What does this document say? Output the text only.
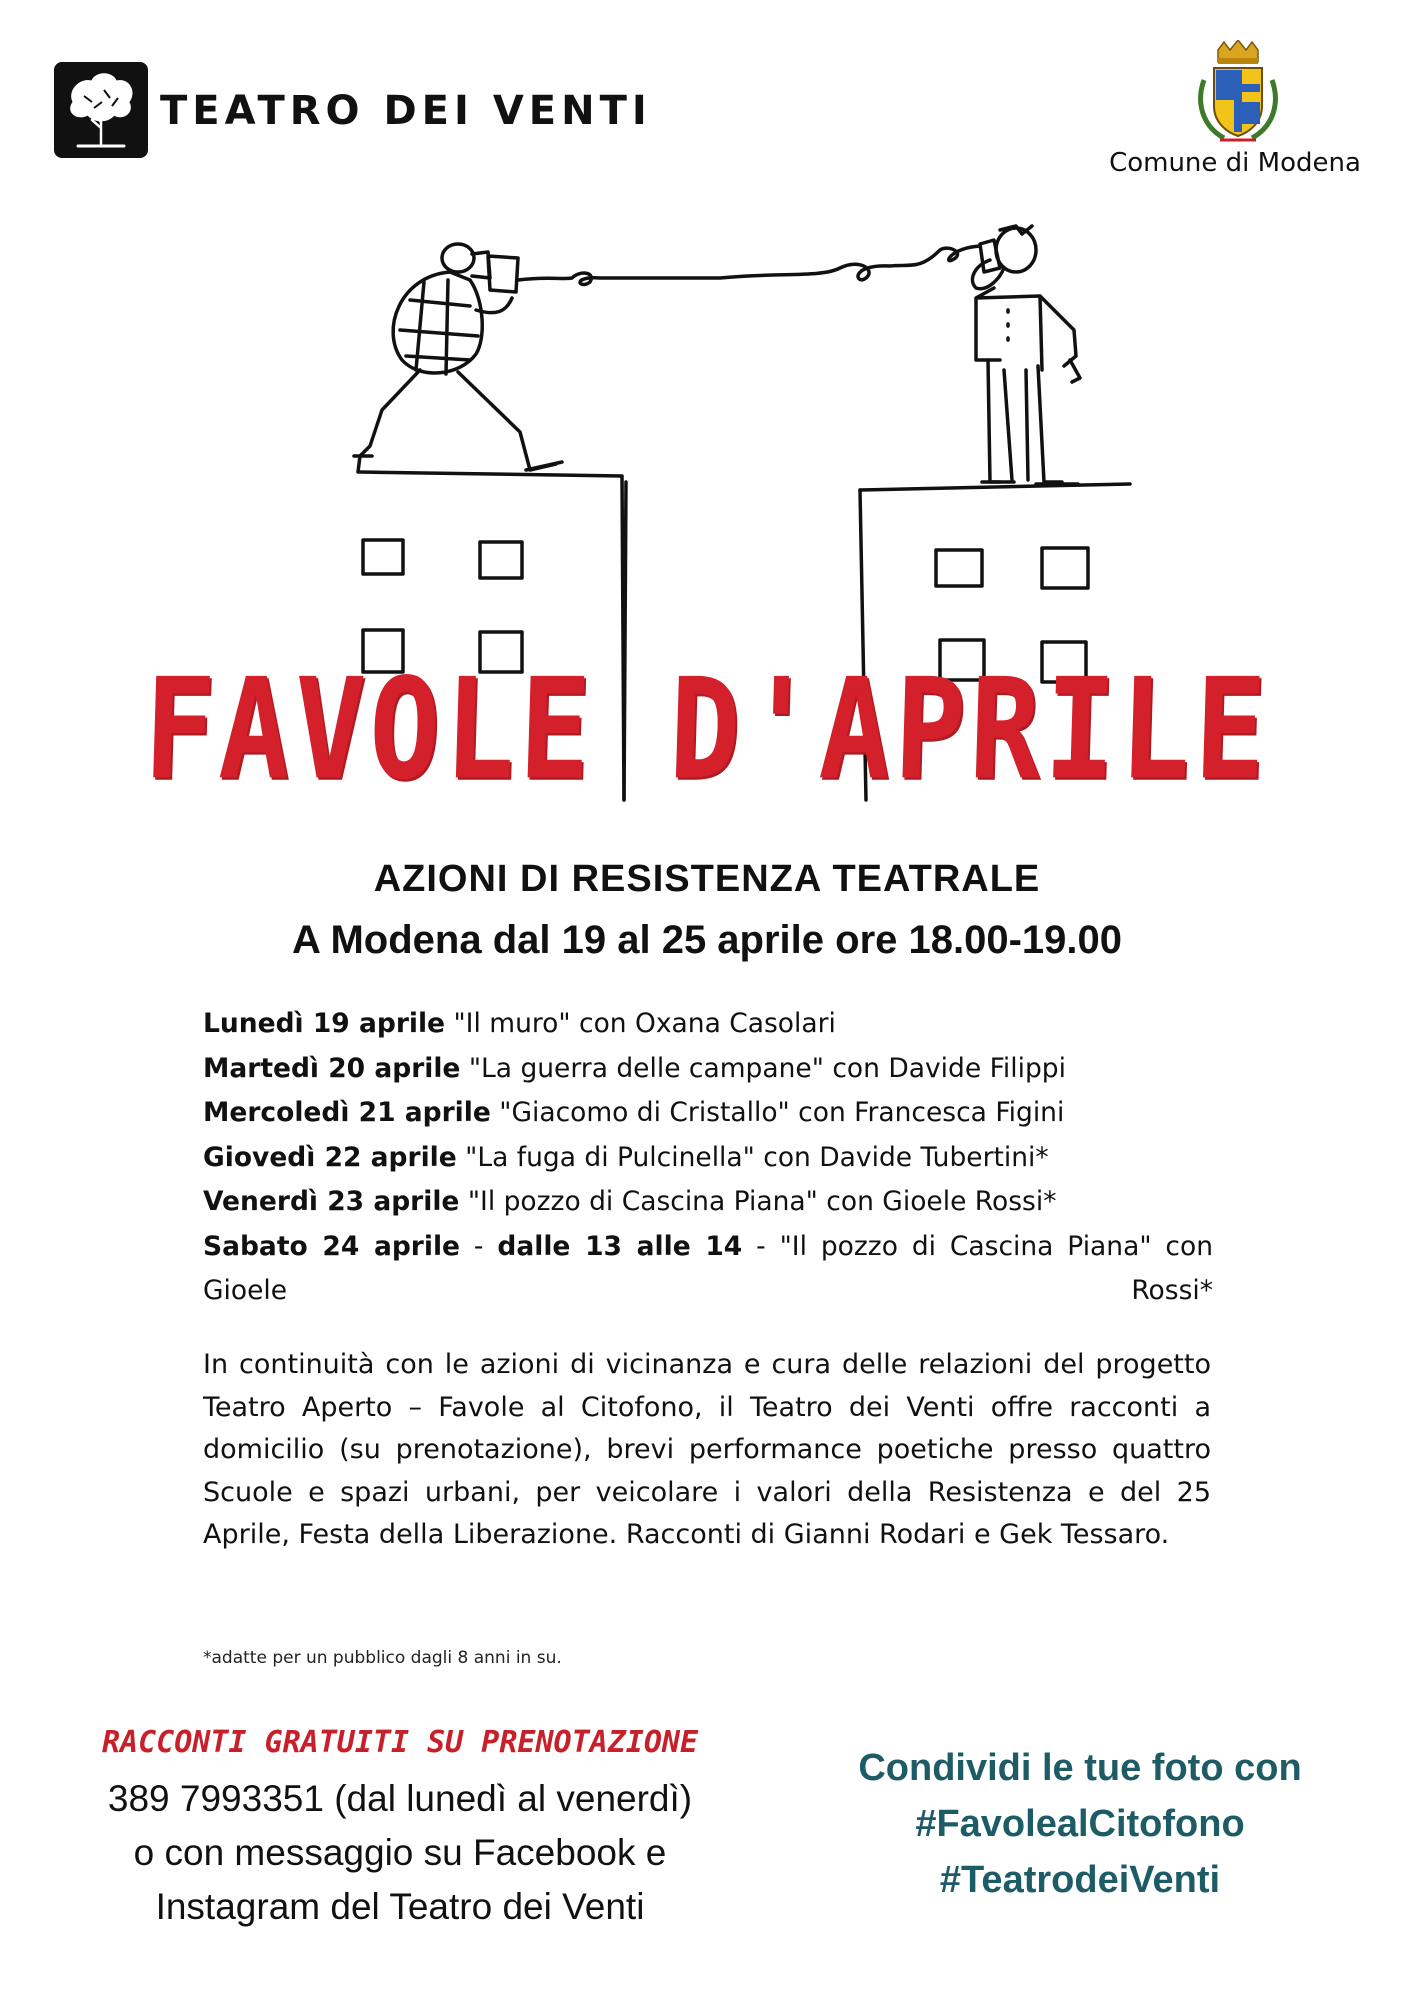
TEATRO DEI VENTI
Comune di Modena
FAVOLE D'APRILE
AZIONI DI RESISTENZA TEATRALE
A Modena dal 19 al 25 aprile ore 18.00-19.00
Lunedì 19 aprile "Il muro" con Oxana Casolari
Martedì 20 aprile "La guerra delle campane" con Davide Filippi
Mercoledì 21 aprile "Giacomo di Cristallo" con Francesca Figini
Giovedì 22 aprile "La fuga di Pulcinella" con Davide Tubertini*
Venerdì 23 aprile "Il pozzo di Cascina Piana" con Gioele Rossi*
Sabato 24 aprile - dalle 13 alle 14 - "Il pozzo di Cascina Piana" con Gioele Rossi*
In continuità con le azioni di vicinanza e cura delle relazioni del progetto Teatro Aperto – Favole al Citofono, il Teatro dei Venti offre racconti a domicilio (su prenotazione), brevi performance poetiche presso quattro Scuole e spazi urbani, per veicolare i valori della Resistenza e del 25 Aprile, Festa della Liberazione. Racconti di Gianni Rodari e Gek Tessaro.
*adatte per un pubblico dagli 8 anni in su.
RACCONTI GRATUITI SU PRENOTAZIONE
389 7993351 (dal lunedì al venerdì)
o con messaggio su Facebook e
Instagram del Teatro dei Venti
Condividi le tue foto con
#FavolealCitofono
#TeatrodeiVenti
